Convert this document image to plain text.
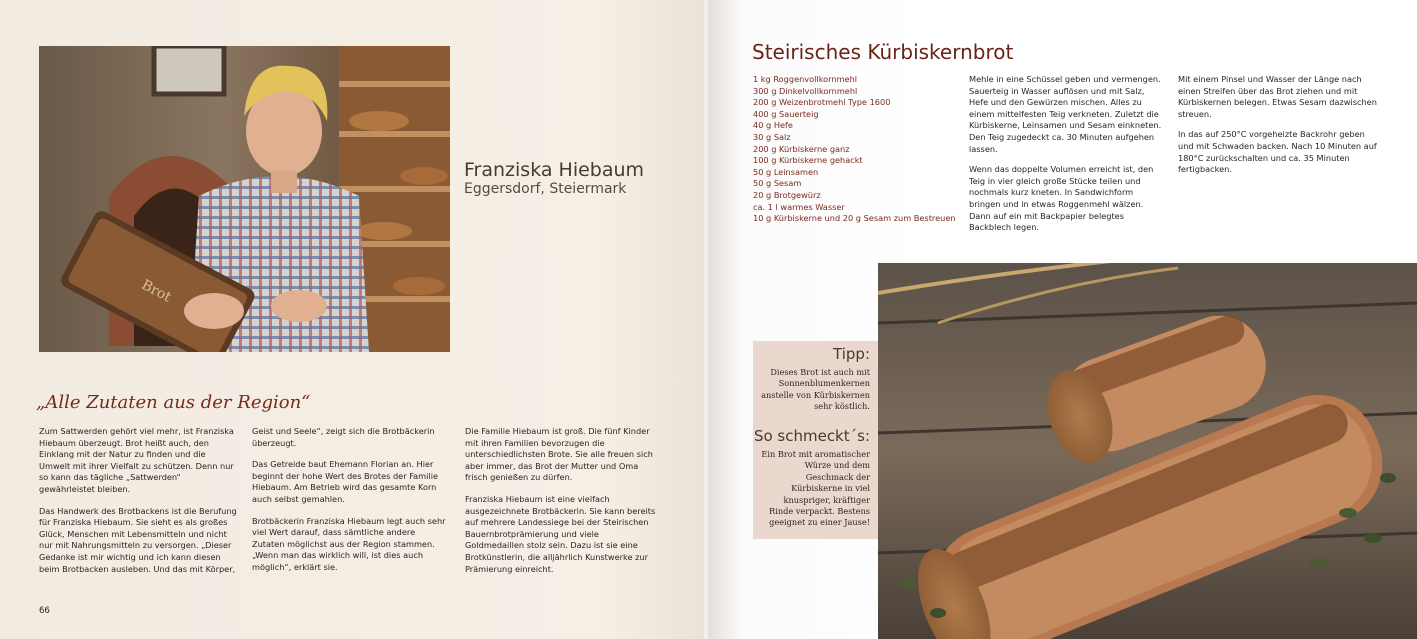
Brot
Franziska Hiebaum
Eggersdorf, Steiermark
„Alle Zutaten aus der Region“

Zum Sattwerden gehört viel mehr, ist Franziska Hiebaum überzeugt. Brot heißt auch, den Einklang mit der Natur zu finden und die Umwelt mit ihrer Vielfalt zu schützen. Denn nur so kann das tägliche „Sattwerden“ gewährleistet bleiben.

Das Handwerk des Brotbackens ist die Berufung für Franziska Hiebaum. Sie sieht es als großes Glück, Menschen mit Lebensmitteln und nicht nur mit Nahrungsmitteln zu versorgen. „Dieser Gedanke ist mir wichtig und ich kann diesen beim Brotbacken ausleben. Und das mit Körper,

Geist und Seele“, zeigt sich die Brotbäckerin überzeugt.

Das Getreide baut Ehemann Florian an. Hier beginnt der hohe Wert des Brotes der Familie Hiebaum. Am Betrieb wird das gesamte Korn auch selbst gemahlen.

Brotbäckerin Franziska Hiebaum legt auch sehr viel Wert darauf, dass sämtliche andere Zutaten möglichst aus der Region stammen. „Wenn man das wirklich will, ist dies auch möglich“, erklärt sie.

Die Familie Hiebaum ist groß. Die fünf Kinder mit ihren Familien bevorzugen die unterschiedlichsten Brote. Sie alle freuen sich aber immer, das Brot der Mutter und Oma frisch genießen zu dürfen.

Franziska Hiebaum ist eine vielfach ausgezeichnete Brotbäckerin. Sie kann bereits auf mehrere Landessiege bei der Steirischen Bauernbrotprämierung und viele Goldmedaillen stolz sein. Dazu ist sie eine Brotkünstlerin, die alljährlich Kunstwerke zur Prämierung einreicht.

66
Steirisches Kürbiskernbrot
1 kg Roggenvollkornmehl
300 g Dinkelvollkornmehl
200 g Weizenbrotmehl Type 1600
400 g Sauerteig
40 g Hefe
30 g Salz
200 g Kürbiskerne ganz
100 g Kürbiskerne gehackt
50 g Leinsamen
50 g Sesam
20 g Brotgewürz
ca. 1 l warmes Wasser
10 g Kürbiskerne und 20 g Sesam zum Bestreuen

Mehle in eine Schüssel geben und vermengen. Sauerteig in Wasser auflösen und mit Salz, Hefe und den Gewürzen mischen. Alles zu einem mittelfesten Teig verkneten. Zuletzt die Kürbiskerne, Leinsamen und Sesam einkneten. Den Teig zugedeckt ca. 30 Minuten aufgehen lassen.

Wenn das doppelte Volumen erreicht ist, den Teig in vier gleich große Stücke teilen und nochmals kurz kneten. In Sandwichform bringen und in etwas Roggenmehl wälzen. Dann auf ein mit Backpapier belegtes Backblech legen.

Mit einem Pinsel und Wasser der Länge nach einen Streifen über das Brot ziehen und mit Kürbiskernen belegen. Etwas Sesam dazwischen streuen.

In das auf 250°C vorgeheizte Backrohr geben und mit Schwaden backen. Nach 10 Minuten auf 180°C zurückschalten und ca. 35 Minuten fertigbacken.

Tipp:
Dieses Brot ist auch mit Sonnenblumenkernen anstelle von Kürbiskernen sehr köstlich.
So schmeckt´s:
Ein Brot mit aromatischer Würze und dem Geschmack der Kürbiskerne in viel knuspriger, kräftiger Rinde verpackt. Bestens geeignet zu einer Jause!
